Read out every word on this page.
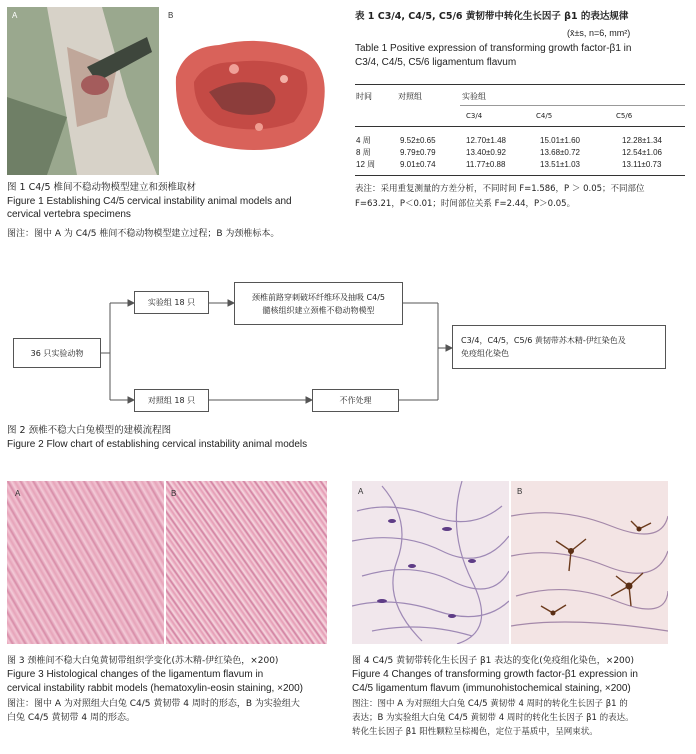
A	B
图 1 C4/5 椎间不稳动物模型建立和颈椎取材
Figure 1 Establishing C4/5 cervical instability animal models and
cervical vertebra specimens
图注：图中 A 为 C4/5 椎间不稳动物模型建立过程；B 为颈椎标本。
表 1 C3/4, C4/5, C5/6 黄韧带中转化生长因子 β1 的表达规律
(x̄±s, n=6, mm²)
Table 1 Positive expression of transforming growth factor-β1 in
C3/4, C4/5, C5/6 ligamentum flavum
时间	对照组	实验组
C3/4	C4/5	C5/6
4 周	9.52±0.65	12.70±1.48	15.01±1.60	12.28±1.34
8 周	9.79±0.79	13.40±0.92	13.68±0.72	12.54±1.06
12 周	9.01±0.74	11.77±0.88	13.51±1.03	13.11±0.73
表注：采用重复测量的方差分析，不同时间 F=1.586，P ＞ 0.05；不同部位
F=63.21，P＜0.01；时间部位关系 F=2.44，P＞0.05。
36 只实验动物
实验组 18 只
对照组 18 只
颈椎前路穿刺破坏纤维环及抽吸 C4/5
髓核组织建立颈椎不稳动物模型
不作处理
C3/4，C4/5，C5/6 黄韧带苏木精-伊红染色及
免疫组化染色
图 2 颈椎不稳大白兔模型的建模流程图
Figure 2 Flow chart of establishing cervical instability animal models
A	B
图 3 颈椎间不稳大白兔黄韧带组织学变化(苏木精-伊红染色，×200)
Figure 3 Histological changes of the ligamentum flavum in
cervical instability rabbit models (hematoxylin-eosin staining, ×200)
图注：图中 A 为对照组大白兔 C4/5 黄韧带 4 周时的形态，B 为实验组大
白兔 C4/5 黄韧带 4 周的形态。
A	B
图 4 C4/5 黄韧带转化生长因子 β1 表达的变化(免疫组化染色，×200)
Figure 4 Changes of transforming growth factor-β1 expression in
C4/5 ligamentum flavum (immunohistochemical staining, ×200)
图注：图中 A 为对照组大白兔 C4/5 黄韧带 4 周时的转化生长因子 β1 的
表达；B 为实验组大白兔 C4/5 黄韧带 4 周时的转化生长因子 β1 的表达。
转化生长因子 β1 阳性颗粒呈棕褐色，定位于基质中，呈网束状。
